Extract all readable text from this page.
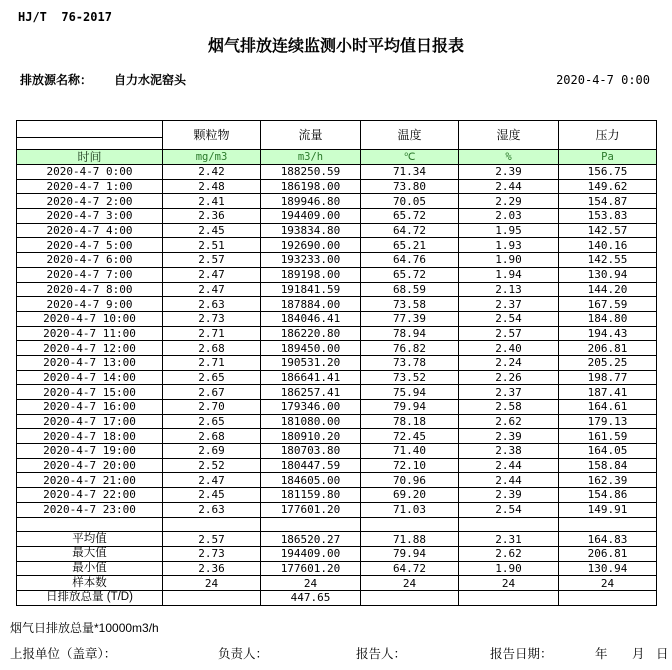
HJ/T  76-2017
烟气排放连续监测小时平均值日报表
排放源名称： 自力水泥窑头	2020-4-7 0:00
	颗粒物	流量	温度	湿度	压力

时间	mg/m3	m3/h	℃	%	Pa
2020-4-7 0:00	2.42	188250.59	71.34	2.39	156.75
2020-4-7 1:00	2.48	186198.00	73.80	2.44	149.62
2020-4-7 2:00	2.41	189946.80	70.05	2.29	154.87
2020-4-7 3:00	2.36	194409.00	65.72	2.03	153.83
2020-4-7 4:00	2.45	193834.80	64.72	1.95	142.57
2020-4-7 5:00	2.51	192690.00	65.21	1.93	140.16
2020-4-7 6:00	2.57	193233.00	64.76	1.90	142.55
2020-4-7 7:00	2.47	189198.00	65.72	1.94	130.94
2020-4-7 8:00	2.47	191841.59	68.59	2.13	144.20
2020-4-7 9:00	2.63	187884.00	73.58	2.37	167.59
2020-4-7 10:00	2.73	184046.41	77.39	2.54	184.80
2020-4-7 11:00	2.71	186220.80	78.94	2.57	194.43
2020-4-7 12:00	2.68	189450.00	76.82	2.40	206.81
2020-4-7 13:00	2.71	190531.20	73.78	2.24	205.25
2020-4-7 14:00	2.65	186641.41	73.52	2.26	198.77
2020-4-7 15:00	2.67	186257.41	75.94	2.37	187.41
2020-4-7 16:00	2.70	179346.00	79.94	2.58	164.61
2020-4-7 17:00	2.65	181080.00	78.18	2.62	179.13
2020-4-7 18:00	2.68	180910.20	72.45	2.39	161.59
2020-4-7 19:00	2.69	180703.80	71.40	2.38	164.05
2020-4-7 20:00	2.52	180447.59	72.10	2.44	158.84
2020-4-7 21:00	2.47	184605.00	70.96	2.44	162.39
2020-4-7 22:00	2.45	181159.80	69.20	2.39	154.86
2020-4-7 23:00	2.63	177601.20	71.03	2.54	149.91

平均值	2.57	186520.27	71.88	2.31	164.83
最大值	2.73	194409.00	79.94	2.62	206.81
最小值	2.36	177601.20	64.72	1.90	130.94
样本数	24	24	24	24	24
日排放总量 (T/D)		447.65			
烟气日排放总量*10000m3/h
上报单位（盖章）：	负责人：	报告人：	报告日期：	年 月 日
